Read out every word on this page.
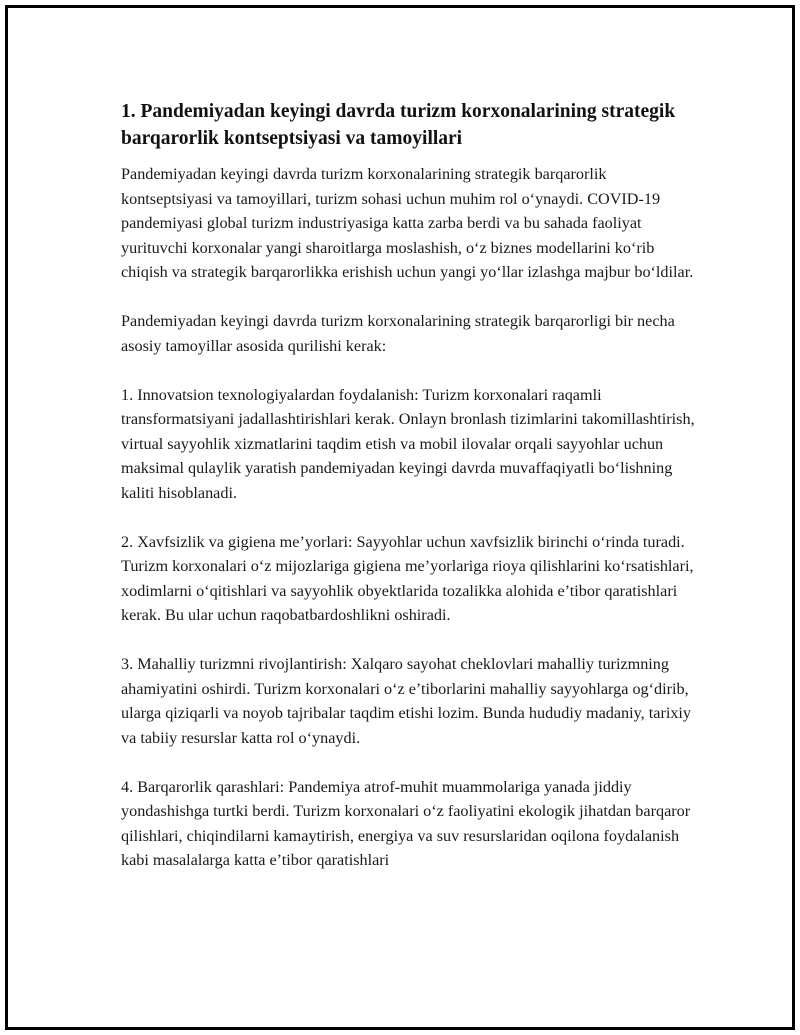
1. Pandemiyadan keyingi davrda turizm korxonalarining strategik barqarorlik kontseptsiyasi va tamoyillari

Pandemiyadan keyingi davrda turizm korxonalarining strategik barqarorlik kontseptsiyasi va tamoyillari, turizm sohasi uchun muhim rol o‘ynaydi. COVID-19 pandemiyasi global turizm industriyasiga katta zarba berdi va bu sahada faoliyat yurituvchi korxonalar yangi sharoitlarga moslashish, o‘z biznes modellarini ko‘rib chiqish va strategik barqarorlikka erishish uchun yangi yo‘llar izlashga majbur bo‘ldilar.

Pandemiyadan keyingi davrda turizm korxonalarining strategik barqarorligi bir necha asosiy tamoyillar asosida qurilishi kerak:

1. Innovatsion texnologiyalardan foydalanish: Turizm korxonalari raqamli transformatsiyani jadallashtirishlari kerak. Onlayn bronlash tizimlarini takomillashtirish, virtual sayyohlik xizmatlarini taqdim etish va mobil ilovalar orqali sayyohlar uchun maksimal qulaylik yaratish pandemiyadan keyingi davrda muvaffaqiyatli bo‘lishning kaliti hisoblanadi.

2. Xavfsizlik va gigiena me’yorlari: Sayyohlar uchun xavfsizlik birinchi o‘rinda turadi. Turizm korxonalari o‘z mijozlariga gigiena me’yorlariga rioya qilishlarini ko‘rsatishlari, xodimlarni o‘qitishlari va sayyohlik obyektlarida tozalikka alohida e’tibor qaratishlari kerak. Bu ular uchun raqobatbardoshlikni oshiradi.

3. Mahalliy turizmni rivojlantirish: Xalqaro sayohat cheklovlari mahalliy turizmning ahamiyatini oshirdi. Turizm korxonalari o‘z e’tiborlarini mahalliy sayyohlarga og‘dirib, ularga qiziqarli va noyob tajribalar taqdim etishi lozim. Bunda hududiy madaniy, tarixiy va tabiiy resurslar katta rol o‘ynaydi.

4. Barqarorlik qarashlari: Pandemiya atrof-muhit muammolariga yanada jiddiy yondashishga turtki berdi. Turizm korxonalari o‘z faoliyatini ekologik jihatdan barqaror qilishlari, chiqindilarni kamaytirish, energiya va suv resurslaridan oqilona foydalanish kabi masalalarga katta e’tibor qaratishlari
